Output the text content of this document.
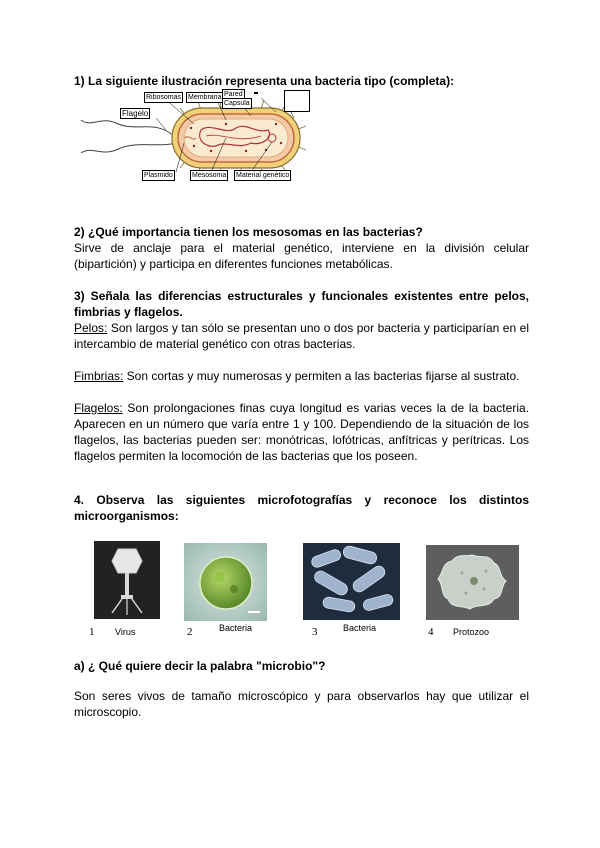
1) La siguiente ilustración representa una bacteria tipo (completa):
Ribosomas Membrana Pared
Capsula
Flagelo
Plasmido	Mesosoma Material genético
2) ¿Qué importancia tienen los mesosomas en las bacterias?
Sirve de anclaje para el material genético, interviene en la división celular (bipartición) y participa en diferentes funciones metabólicas.
3) Señala las diferencias estructurales y funcionales existentes entre pelos, fimbrias y flagelos.
Pelos: Son largos y tan sólo se presentan uno o dos por bacteria y participarían en el intercambio de material genético con otras bacterias.
Fimbrias: Son cortas y muy numerosas y permiten a las bacterias fijarse al sustrato.
Flagelos: Son prolongaciones finas cuya longitud es varias veces la de la bacteria. Aparecen en un número que varía entre 1 y 100. Dependiendo de la situación de los flagelos, las bacterias pueden ser: monótricas, lofótricas, anfítricas y perítricas. Los flagelos permiten la locomoción de las bacterias que los poseen.
4. Observa las siguientes microfotografías y reconoce los distintos microorganismos:
1 Virus	2	Bacteria	3	Bacteria	4 Protozoo
a) ¿ Qué quiere decir la palabra "microbio"?
Son seres vivos de tamaño microscópico y para observarlos hay que utilizar el microscopio.
